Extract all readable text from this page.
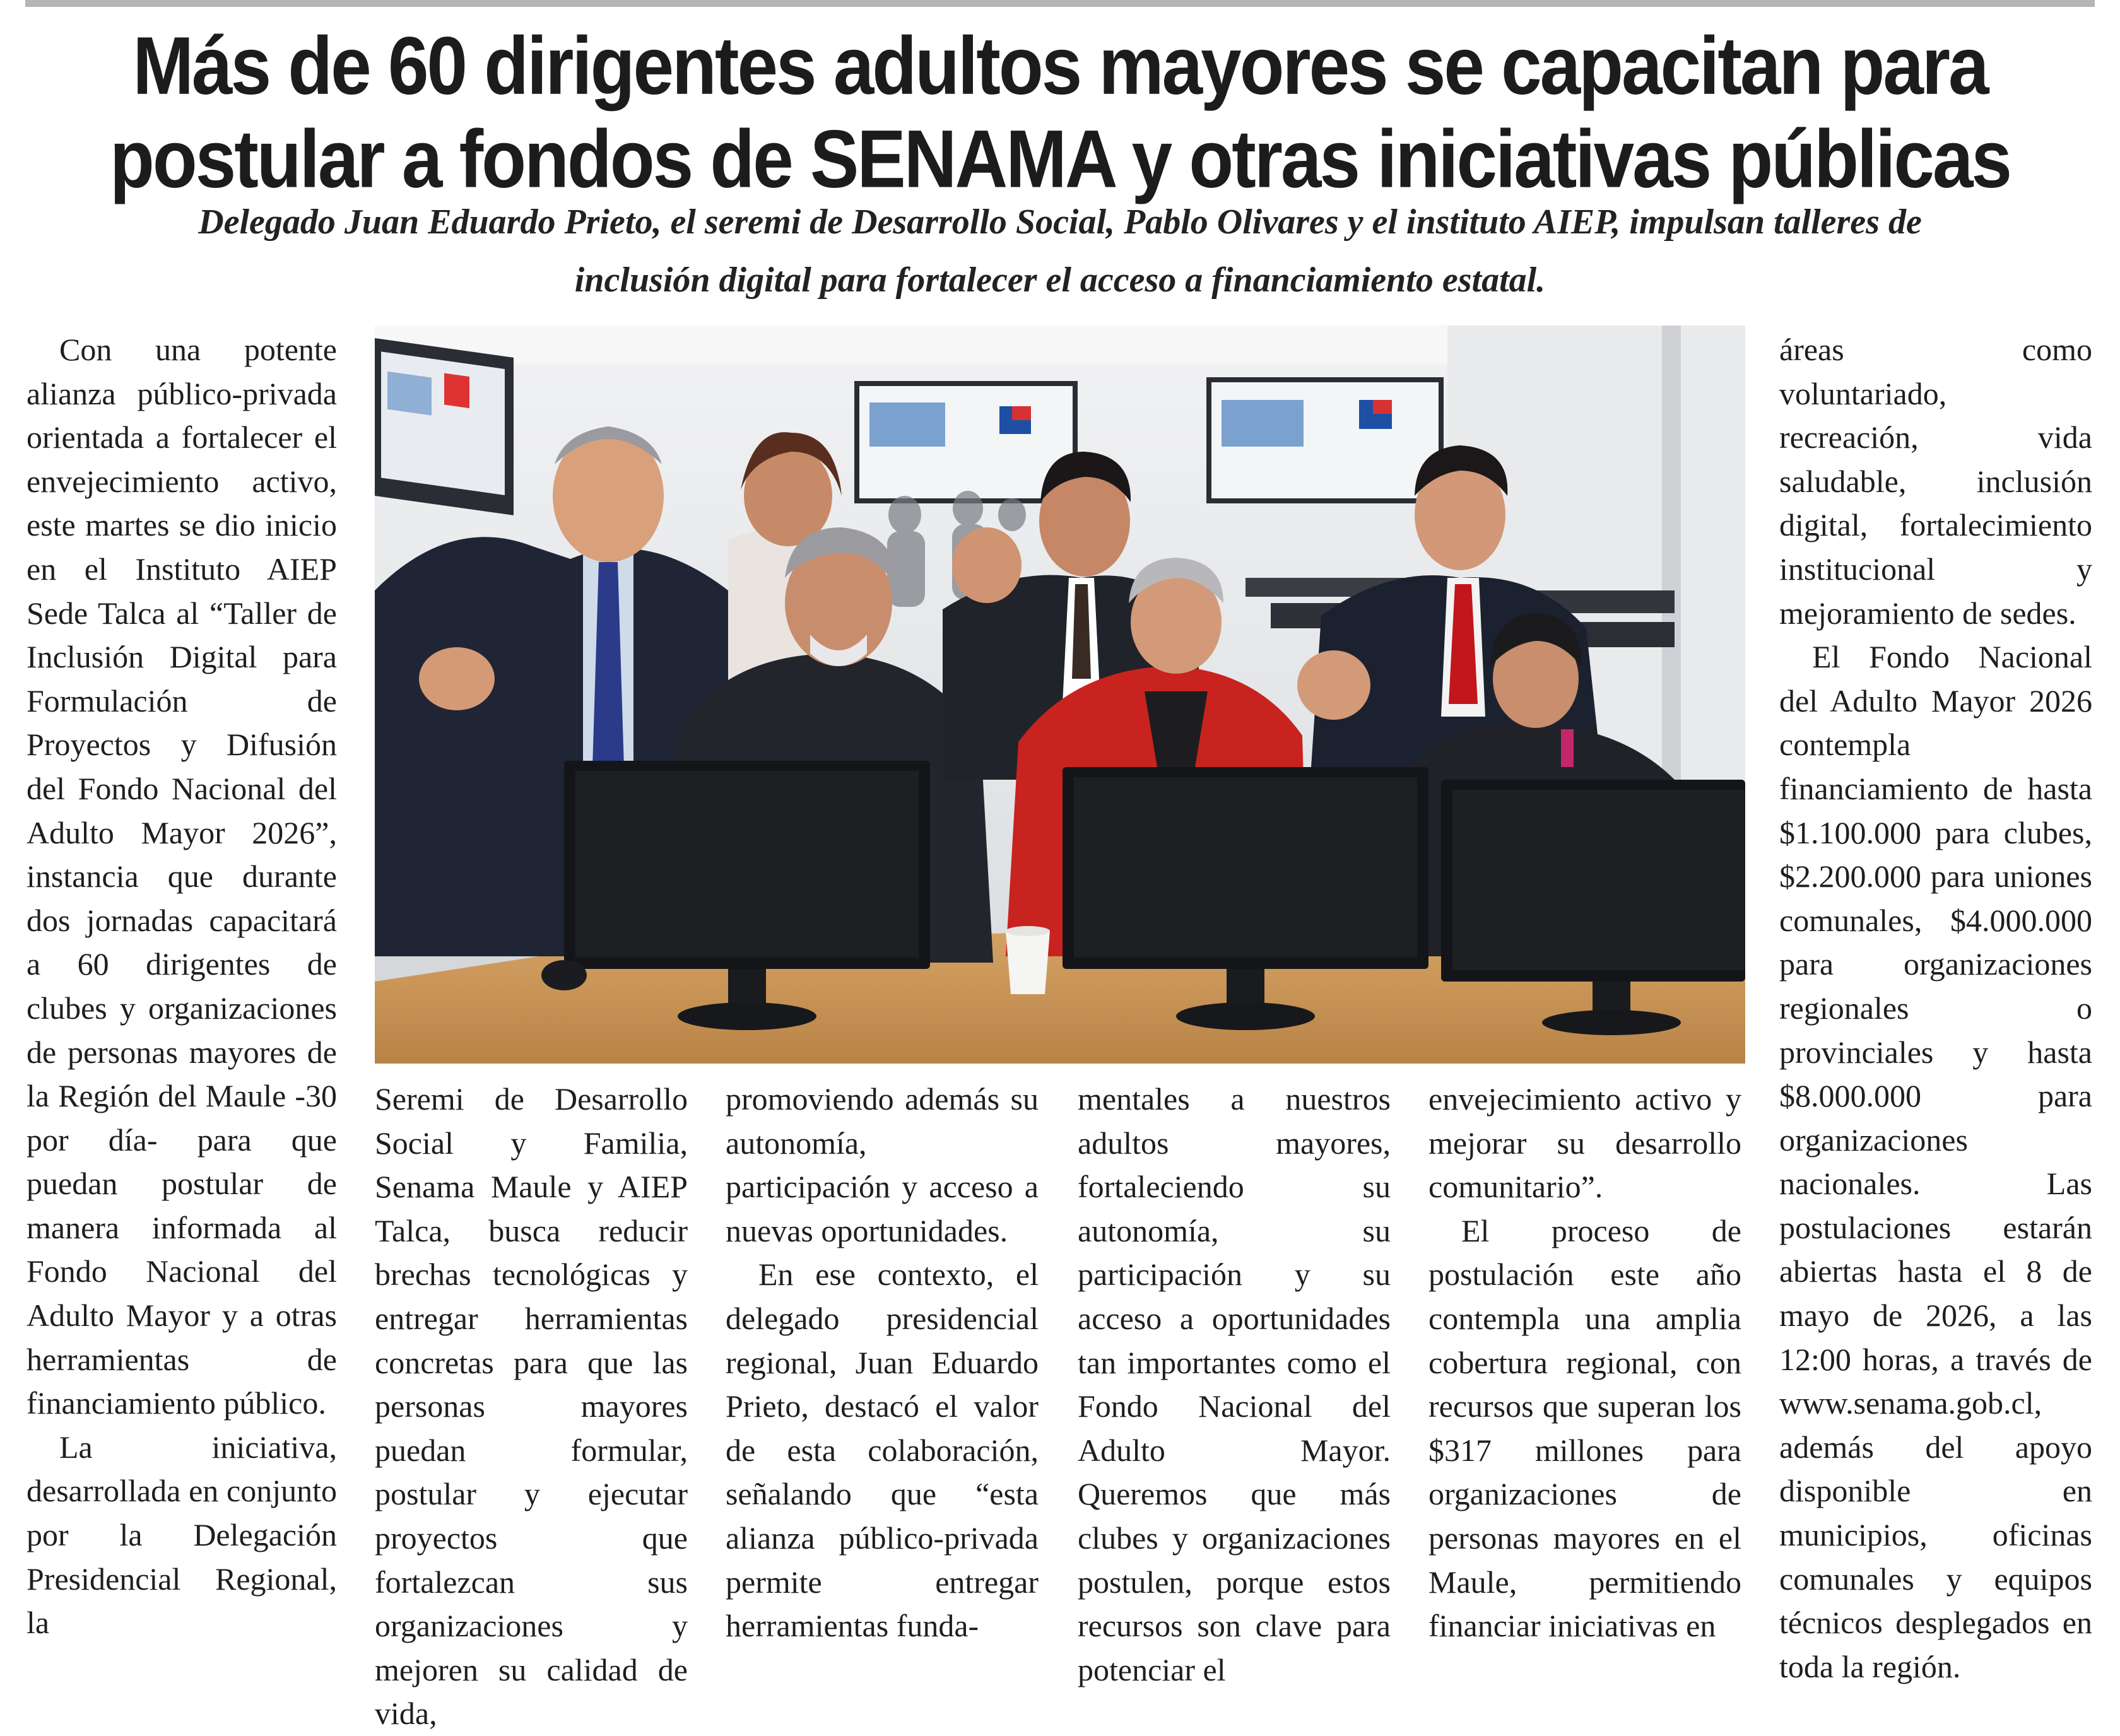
Más de 60 dirigentes adultos mayores se capacitan para
postular a fondos de SENAMA y otras iniciativas públicas
Delegado Juan Eduardo Prieto, el seremi de Desarrollo Social, Pablo Olivares y el instituto AIEP, impulsan talleres de
inclusión digital para fortalecer el acceso a financiamiento estatal.

Con una potente alianza público-privada orientada a fortalecer el envejecimiento activo, este martes se dio inicio en el Instituto AIEP Sede Talca al “Taller de Inclusión Digital para Formulación de Proyectos y Difusión del Fondo Nacional del Adulto Mayor 2026”, instancia que durante dos jornadas capacitará a 60 dirigentes de clubes y organizaciones de personas mayores de la Región del Maule -30 por día- para que puedan postular de manera informada al Fondo Nacional del Adulto Mayor y a otras herramientas de financiamiento público.

La iniciativa, desarrollada en conjunto por la Delegación Presidencial Regional, la

Seremi de Desarrollo Social y Familia, Senama Maule y AIEP Talca, busca reducir brechas tecnológicas y entregar herramientas concretas para que las personas mayores puedan formular, postular y ejecutar proyectos que fortalezcan sus organizaciones y mejoren su calidad de vida,

promoviendo además su autonomía, participación y acceso a nuevas oportunidades.

En ese contexto, el delegado presidencial regional, Juan Eduardo Prieto, destacó el valor de esta colaboración, señalando que “esta alianza público-privada permite entregar herramientas funda-

mentales a nuestros adultos mayores, fortaleciendo su autonomía, su participación y su acceso a oportunidades tan importantes como el Fondo Nacional del Adulto Mayor. Queremos que más clubes y organizaciones postulen, porque estos recursos son clave para potenciar el

envejecimiento activo y mejorar su desarrollo comunitario”.

El proceso de postulación este año contempla una amplia cobertura regional, con recursos que superan los $317 millones para organizaciones de personas mayores en el Maule, permitiendo financiar iniciativas en

áreas como voluntariado, recreación, vida saludable, inclusión digital, fortalecimiento institucional y mejoramiento de sedes.

El Fondo Nacional del Adulto Mayor 2026 contempla financiamiento de hasta $1.100.000 para clubes, $2.200.000 para uniones comunales, $4.000.000 para organizaciones regionales o provinciales y hasta $8.000.000 para organizaciones nacionales. Las postulaciones estarán abiertas hasta el 8 de mayo de 2026, a las 12:00 horas, a través de www.senama.gob.cl, además del apoyo disponible en municipios, oficinas comunales y equipos técnicos desplegados en toda la región.
